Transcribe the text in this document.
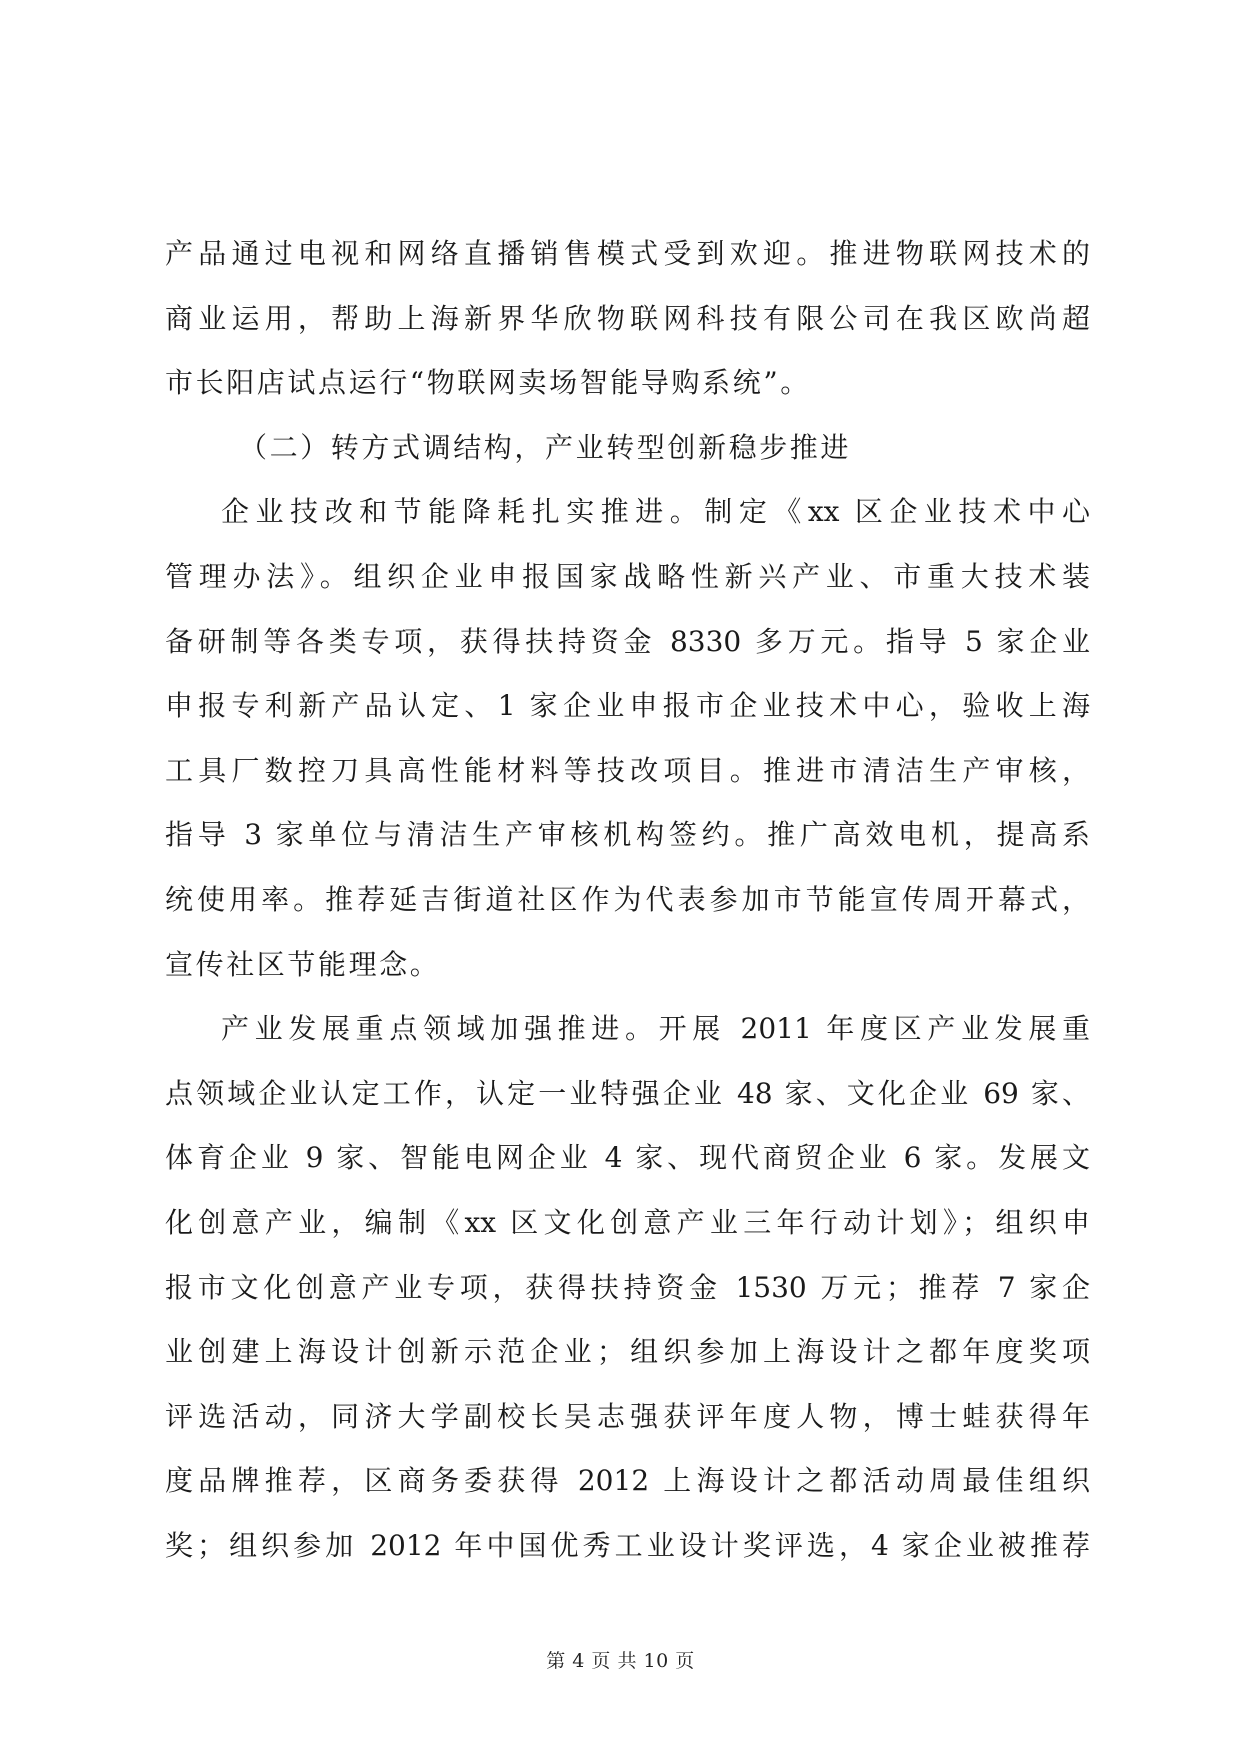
产品通过电视和网络直播销售模式受到欢迎。推进物联网技术的
商业运用，帮助上海新界华欣物联网科技有限公司在我区欧尚超
市长阳店试点运行“物联网卖场智能导购系统”。
（二）转方式调结构，产业转型创新稳步推进
企业技改和节能降耗扎实推进。制定《xx 区企业技术中心
管理办法》。组织企业申报国家战略性新兴产业、市重大技术装
备研制等各类专项，获得扶持资金 8330 多万元。指导 5 家企业
申报专利新产品认定、1 家企业申报市企业技术中心，验收上海
工具厂数控刀具高性能材料等技改项目。推进市清洁生产审核，
指导 3 家单位与清洁生产审核机构签约。推广高效电机，提高系
统使用率。推荐延吉街道社区作为代表参加市节能宣传周开幕式，
宣传社区节能理念。
产业发展重点领域加强推进。开展 2011 年度区产业发展重
点领域企业认定工作，认定一业特强企业 48 家、文化企业 69 家、
体育企业 9 家、智能电网企业 4 家、现代商贸企业 6 家。发展文
化创意产业，编制《xx 区文化创意产业三年行动计划》；组织申
报市文化创意产业专项，获得扶持资金 1530 万元；推荐 7 家企
业创建上海设计创新示范企业；组织参加上海设计之都年度奖项
评选活动，同济大学副校长吴志强获评年度人物，博士蛙获得年
度品牌推荐，区商务委获得 2012 上海设计之都活动周最佳组织
奖；组织参加 2012 年中国优秀工业设计奖评选，4 家企业被推荐
第 4 页 共 10 页
